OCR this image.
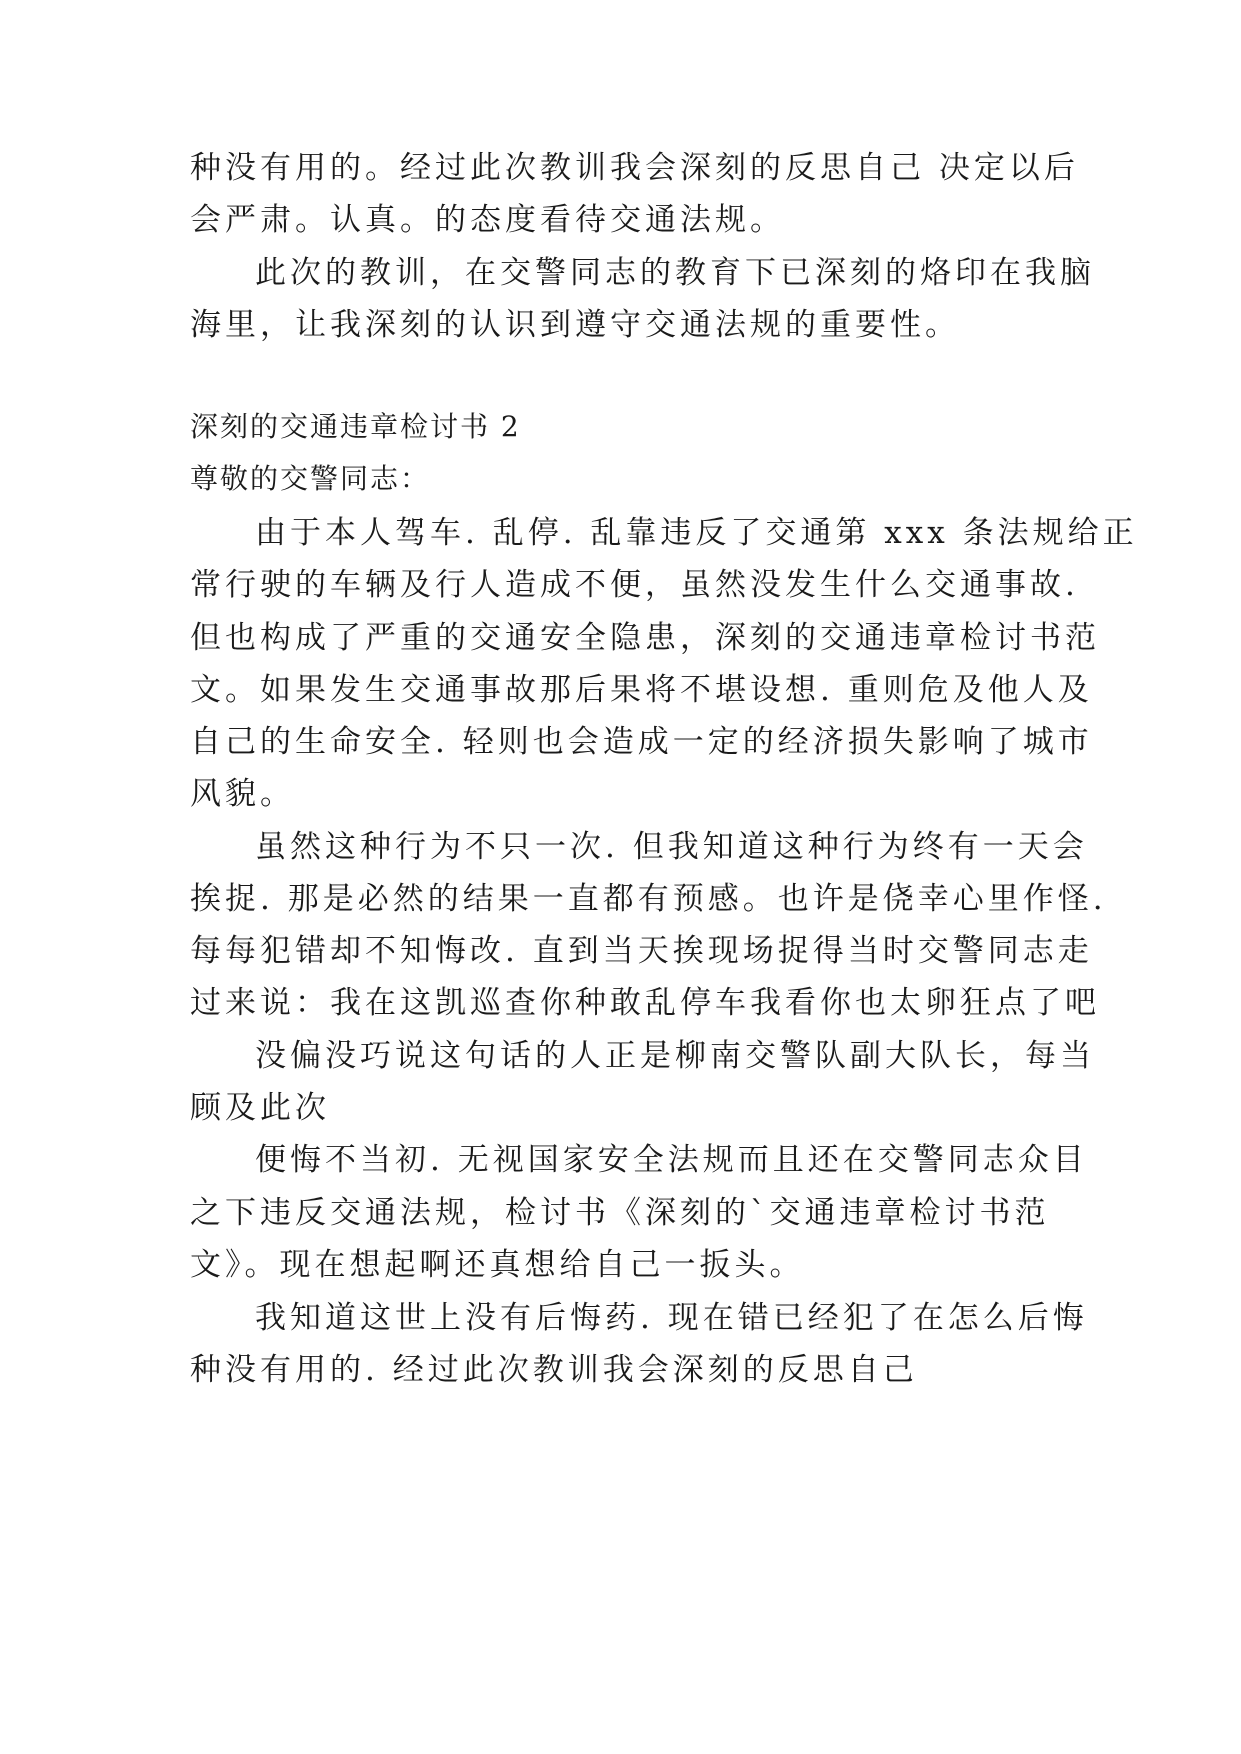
种没有用的。经过此次教训我会深刻的反思自己 决定以后
会严肃。认真。的态度看待交通法规。
此次的教训，在交警同志的教育下已深刻的烙印在我脑
海里，让我深刻的认识到遵守交通法规的重要性。
深刻的交通违章检讨书 2
尊敬的交警同志：
由于本人驾车. 乱停. 乱靠违反了交通第 xxx 条法规给正
常行驶的车辆及行人造成不便，虽然没发生什么交通事故.
但也构成了严重的交通安全隐患，深刻的交通违章检讨书范
文。如果发生交通事故那后果将不堪设想. 重则危及他人及
自己的生命安全. 轻则也会造成一定的经济损失影响了城市
风貌。
虽然这种行为不只一次. 但我知道这种行为终有一天会
挨捉. 那是必然的结果一直都有预感。也许是侥幸心里作怪.
每每犯错却不知悔改. 直到当天挨现场捉得当时交警同志走
过来说：我在这凯巡查你种敢乱停车我看你也太卵狂点了吧
没偏没巧说这句话的人正是柳南交警队副大队长，每当
顾及此次
便悔不当初. 无视国家安全法规而且还在交警同志众目
之下违反交通法规，检讨书《深刻的`交通违章检讨书范
文》。现在想起啊还真想给自己一扳头。
我知道这世上没有后悔药. 现在错已经犯了在怎么后悔
种没有用的. 经过此次教训我会深刻的反思自己
